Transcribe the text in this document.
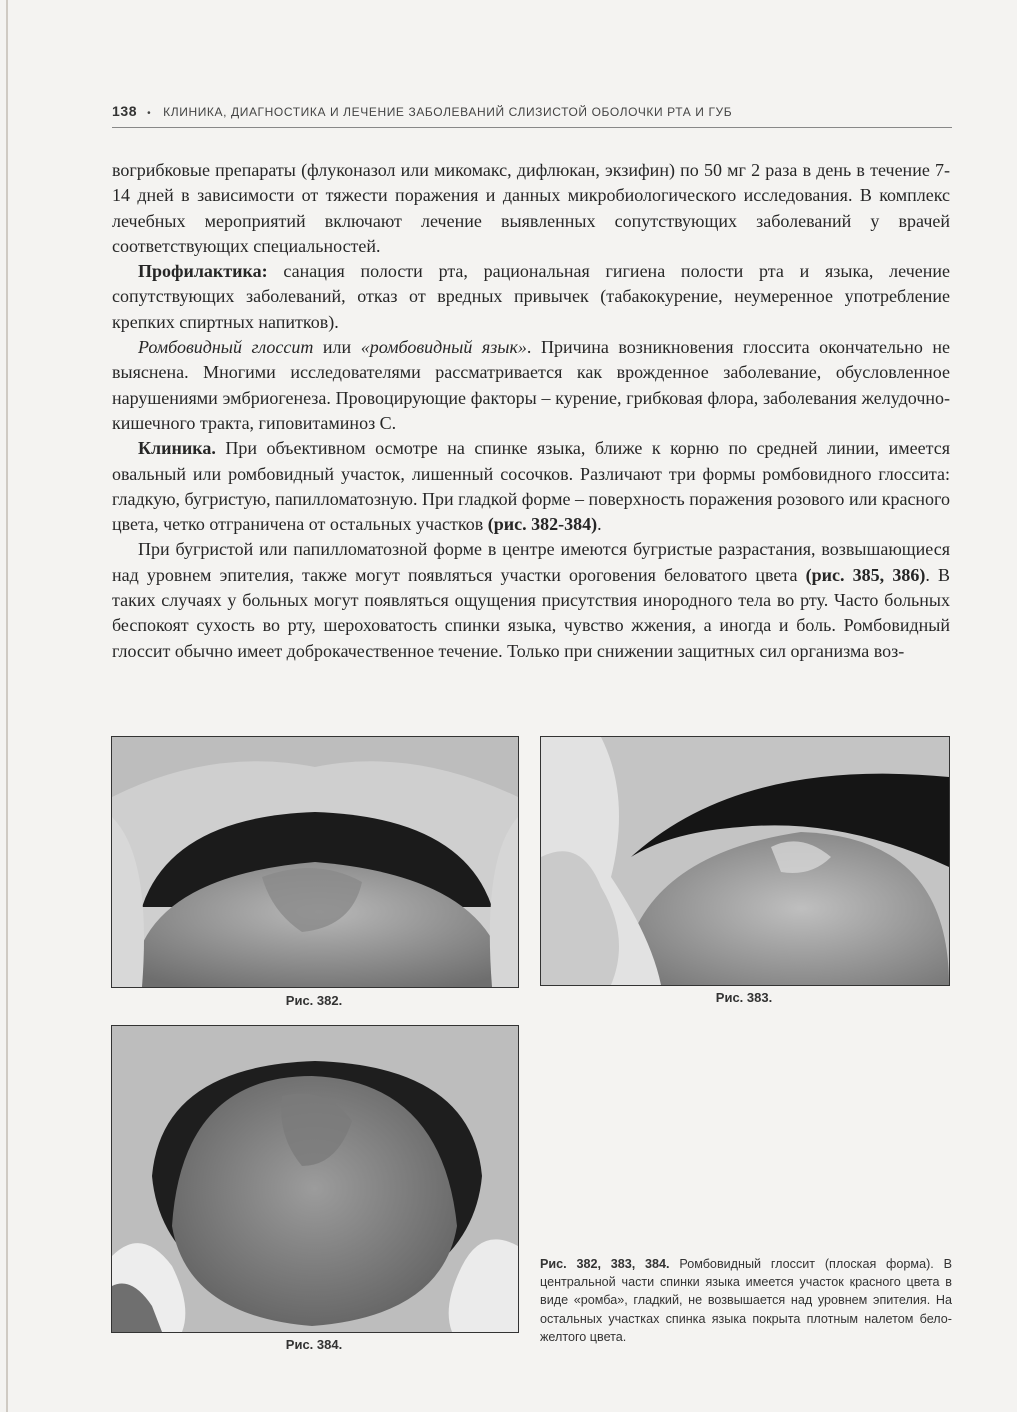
138 • КЛИНИКА, ДИАГНОСТИКА И ЛЕЧЕНИЕ ЗАБОЛЕВАНИЙ СЛИЗИСТОЙ ОБОЛОЧКИ РТА И ГУБ

вогрибковые препараты (флуконазол или микомакс, дифлюкан, экзифин) по 50 мг 2 раза в день в течение 7-14 дней в зависимости от тяжести поражения и данных микробиологического исследования. В комплекс лечебных мероприятий включают лечение выявленных сопутствующих заболеваний у врачей соответствующих специальностей.

Профилактика: санация полости рта, рациональная гигиена полости рта и языка, лечение сопутствующих заболеваний, отказ от вредных привычек (табакокурение, неумеренное употребление крепких спиртных напитков).

Ромбовидный глоссит или «ромбовидный язык». Причина возникновения глоссита окончательно не выяснена. Многими исследователями рассматривается как врожденное заболевание, обусловленное нарушениями эмбриогенеза. Провоцирующие факторы – курение, грибковая флора, заболевания желудочно-кишечного тракта, гиповитаминоз С.

Клиника. При объективном осмотре на спинке языка, ближе к корню по средней линии, имеется овальный или ромбовидный участок, лишенный сосочков. Различают три формы ромбовидного глоссита: гладкую, бугристую, папилломатозную. При гладкой форме – поверхность поражения розового или красного цвета, четко отграничена от остальных участков (рис. 382-384).

При бугристой или папилломатозной форме в центре имеются бугристые разрастания, возвышающиеся над уровнем эпителия, также могут появляться участки ороговения беловатого цвета (рис. 385, 386). В таких случаях у больных могут появляться ощущения присутствия инородного тела во рту. Часто больных беспокоят сухость во рту, шероховатость спинки языка, чувство жжения, а иногда и боль. Ромбовидный глоссит обычно имеет доброкачественное течение. Только при снижении защитных сил организма воз-

Рис. 382.	Рис. 383.
Рис. 384.
Рис. 382, 383, 384. Ромбовидный глоссит (плоская форма). В центральной части спинки языка имеется участок красного цвета в виде «ромба», гладкий, не возвышается над уровнем эпителия. На остальных участках спинка языка покрыта плотным налетом бело-желтого цвета.
